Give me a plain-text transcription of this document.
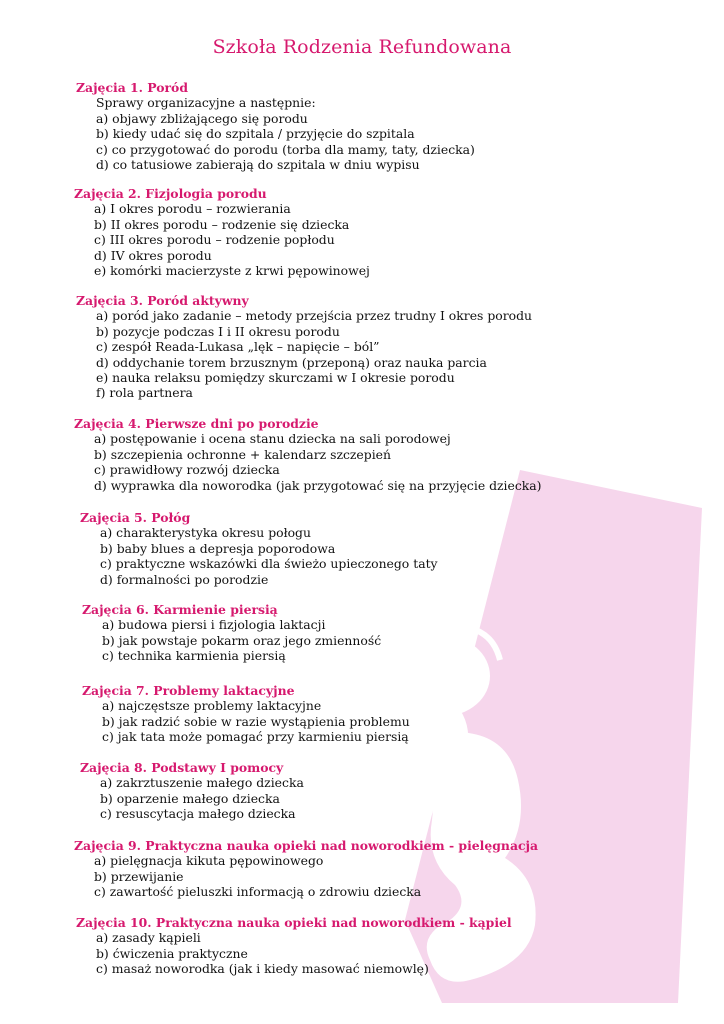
Szkoła Rodzenia Refundowana
Zajęcia 1. Poród
Sprawy organizacyjne a następnie:
a) objawy zbliżającego się porodu
b) kiedy udać się do szpitala / przyjęcie do szpitala
c) co przygotować do porodu (torba dla mamy, taty, dziecka)
d) co tatusiowe zabierają do szpitala w dniu wypisu
Zajęcia 2. Fizjologia porodu
a) I okres porodu – rozwierania
b) II okres porodu – rodzenie się dziecka
c) III okres porodu – rodzenie popłodu
d) IV okres porodu
e) komórki macierzyste z krwi pępowinowej
Zajęcia 3. Poród aktywny
a) poród jako zadanie – metody przejścia przez trudny I okres porodu
b) pozycje podczas I i II okresu porodu
c) zespół Reada-Lukasa „lęk – napięcie – ból”
d) oddychanie torem brzusznym (przeponą) oraz nauka parcia
e) nauka relaksu pomiędzy skurczami w I okresie porodu
f) rola partnera
Zajęcia 4. Pierwsze dni po porodzie
a) postępowanie i ocena stanu dziecka na sali porodowej
b) szczepienia ochronne + kalendarz szczepień
c) prawidłowy rozwój dziecka
d) wyprawka dla noworodka (jak przygotować się na przyjęcie dziecka)
Zajęcia 5. Połóg
a) charakterystyka okresu połogu
b) baby blues a depresja poporodowa
c) praktyczne wskazówki dla świeżo upieczonego taty
d) formalności po porodzie
Zajęcia 6. Karmienie piersią
a) budowa piersi i fizjologia laktacji
b) jak powstaje pokarm oraz jego zmienność
c) technika karmienia piersią
Zajęcia 7. Problemy laktacyjne
a) najczęstsze problemy laktacyjne
b) jak radzić sobie w razie wystąpienia problemu
c) jak tata może pomagać przy karmieniu piersią
Zajęcia 8. Podstawy I pomocy
a) zakrztuszenie małego dziecka
b) oparzenie małego dziecka
c) resuscytacja małego dziecka
Zajęcia 9. Praktyczna nauka opieki nad noworodkiem - pielęgnacja
a) pielęgnacja kikuta pępowinowego
b) przewijanie
c) zawartość pieluszki informacją o zdrowiu dziecka
Zajęcia 10. Praktyczna nauka opieki nad noworodkiem - kąpiel
a) zasady kąpieli
b) ćwiczenia praktyczne
c) masaż noworodka (jak i kiedy masować niemowlę)
